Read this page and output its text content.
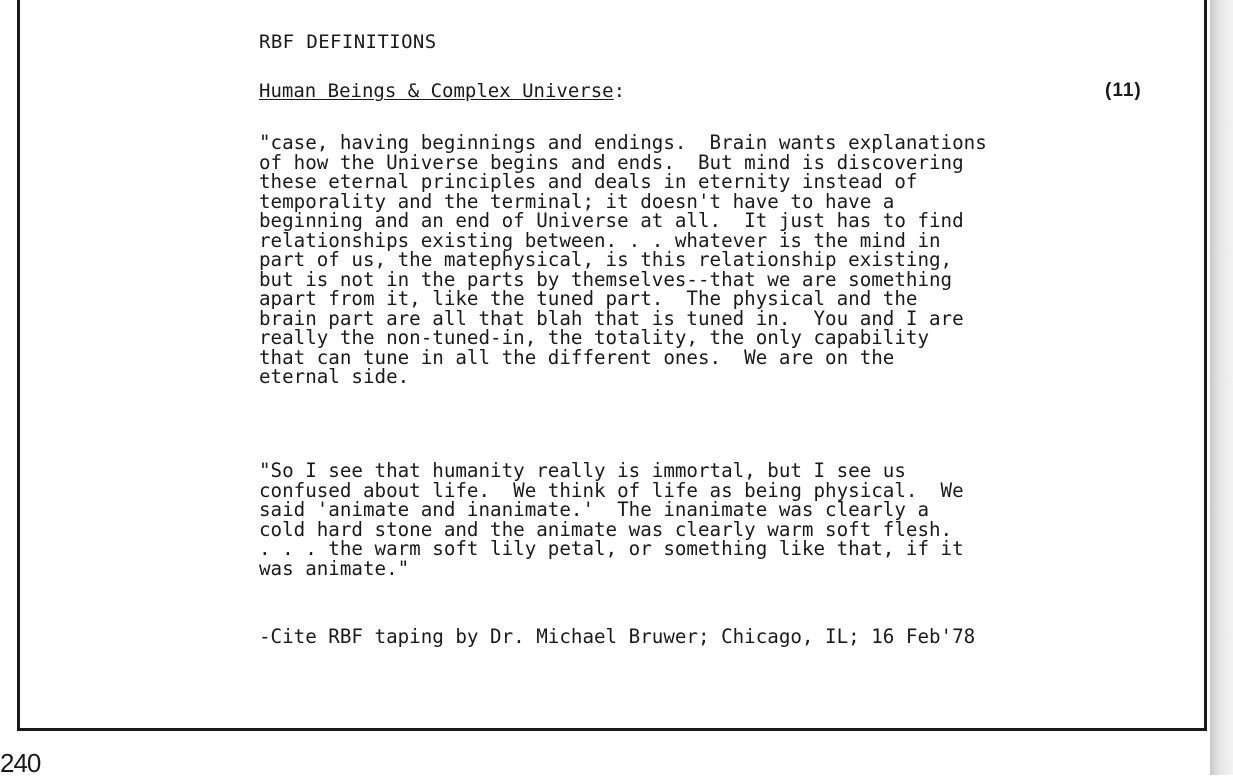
RBF DEFINITIONS
Human Beings & Complex Universe:	(11)
"case, having beginnings and endings.  Brain wants explanations
of how the Universe begins and ends.  But mind is discovering
these eternal principles and deals in eternity instead of
temporality and the terminal; it doesn't have to have a
beginning and an end of Universe at all.  It just has to find
relationships existing between. . . whatever is the mind in
part of us, the matephysical, is this relationship existing,
but is not in the parts by themselves--that we are something
apart from it, like the tuned part.  The physical and the
brain part are all that blah that is tuned in.  You and I are
really the non-tuned-in, the totality, the only capability
that can tune in all the different ones.  We are on the
eternal side.
"So I see that humanity really is immortal, but I see us
confused about life.  We think of life as being physical.  We
said 'animate and inanimate.'  The inanimate was clearly a
cold hard stone and the animate was clearly warm soft flesh.
. . . the warm soft lily petal, or something like that, if it
was animate."
-Cite RBF taping by Dr. Michael Bruwer; Chicago, IL; 16 Feb'78
240
